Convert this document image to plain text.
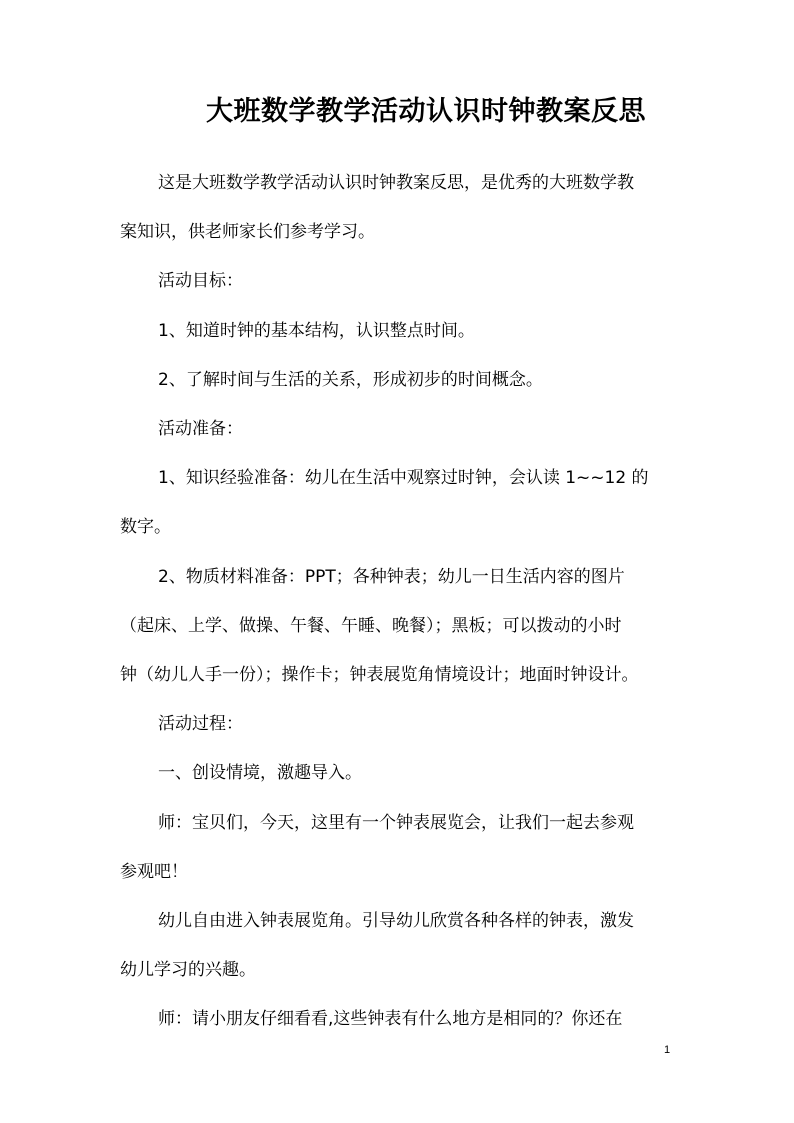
大班数学教学活动认识时钟教案反思

这是大班数学教学活动认识时钟教案反思，是优秀的大班数学教

案知识，供老师家长们参考学习。

活动目标：

1、知道时钟的基本结构，认识整点时间。

2、了解时间与生活的关系，形成初步的时间概念。

活动准备：

1、知识经验准备：幼儿在生活中观察过时钟，会认读 1~~12 的

数字。

2、物质材料准备：PPT；各种钟表；幼儿一日生活内容的图片

（起床、上学、做操、午餐、午睡、晚餐）；黑板；可以拨动的小时

钟（幼儿人手一份）；操作卡；钟表展览角情境设计；地面时钟设计。

活动过程：

一、创设情境，激趣导入。

师：宝贝们，今天，这里有一个钟表展览会，让我们一起去参观

参观吧！

幼儿自由进入钟表展览角。引导幼儿欣赏各种各样的钟表，激发

幼儿学习的兴趣。

师：请小朋友仔细看看,这些钟表有什么地方是相同的？你还在

1
